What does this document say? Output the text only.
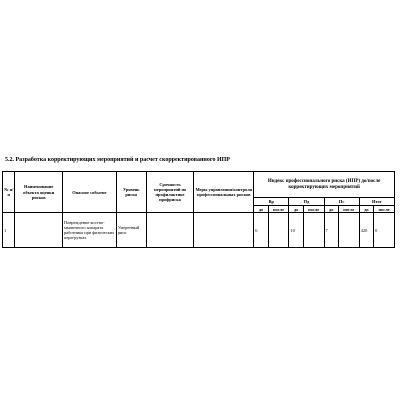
5.2. Разработка корректирующих мероприятий и расчет скорректированного ИПР
№ п/п	Наименование объекта оценки рисков	Опасное событие	Уровень риска	Срочность мероприятий по профилактике профриска	Меры управления/контроля профессиональных рисков	Индекс профессионального риска (ИПР) до/после корректирующих мероприятий							
						Вр		Пд		Пс		Итог	
						до	после	до	после	до	после	до	после

1		Повреждение костно-мышечного аппарата работника при физических перегрузках	Умеренный риск			6		10		7		420	0
